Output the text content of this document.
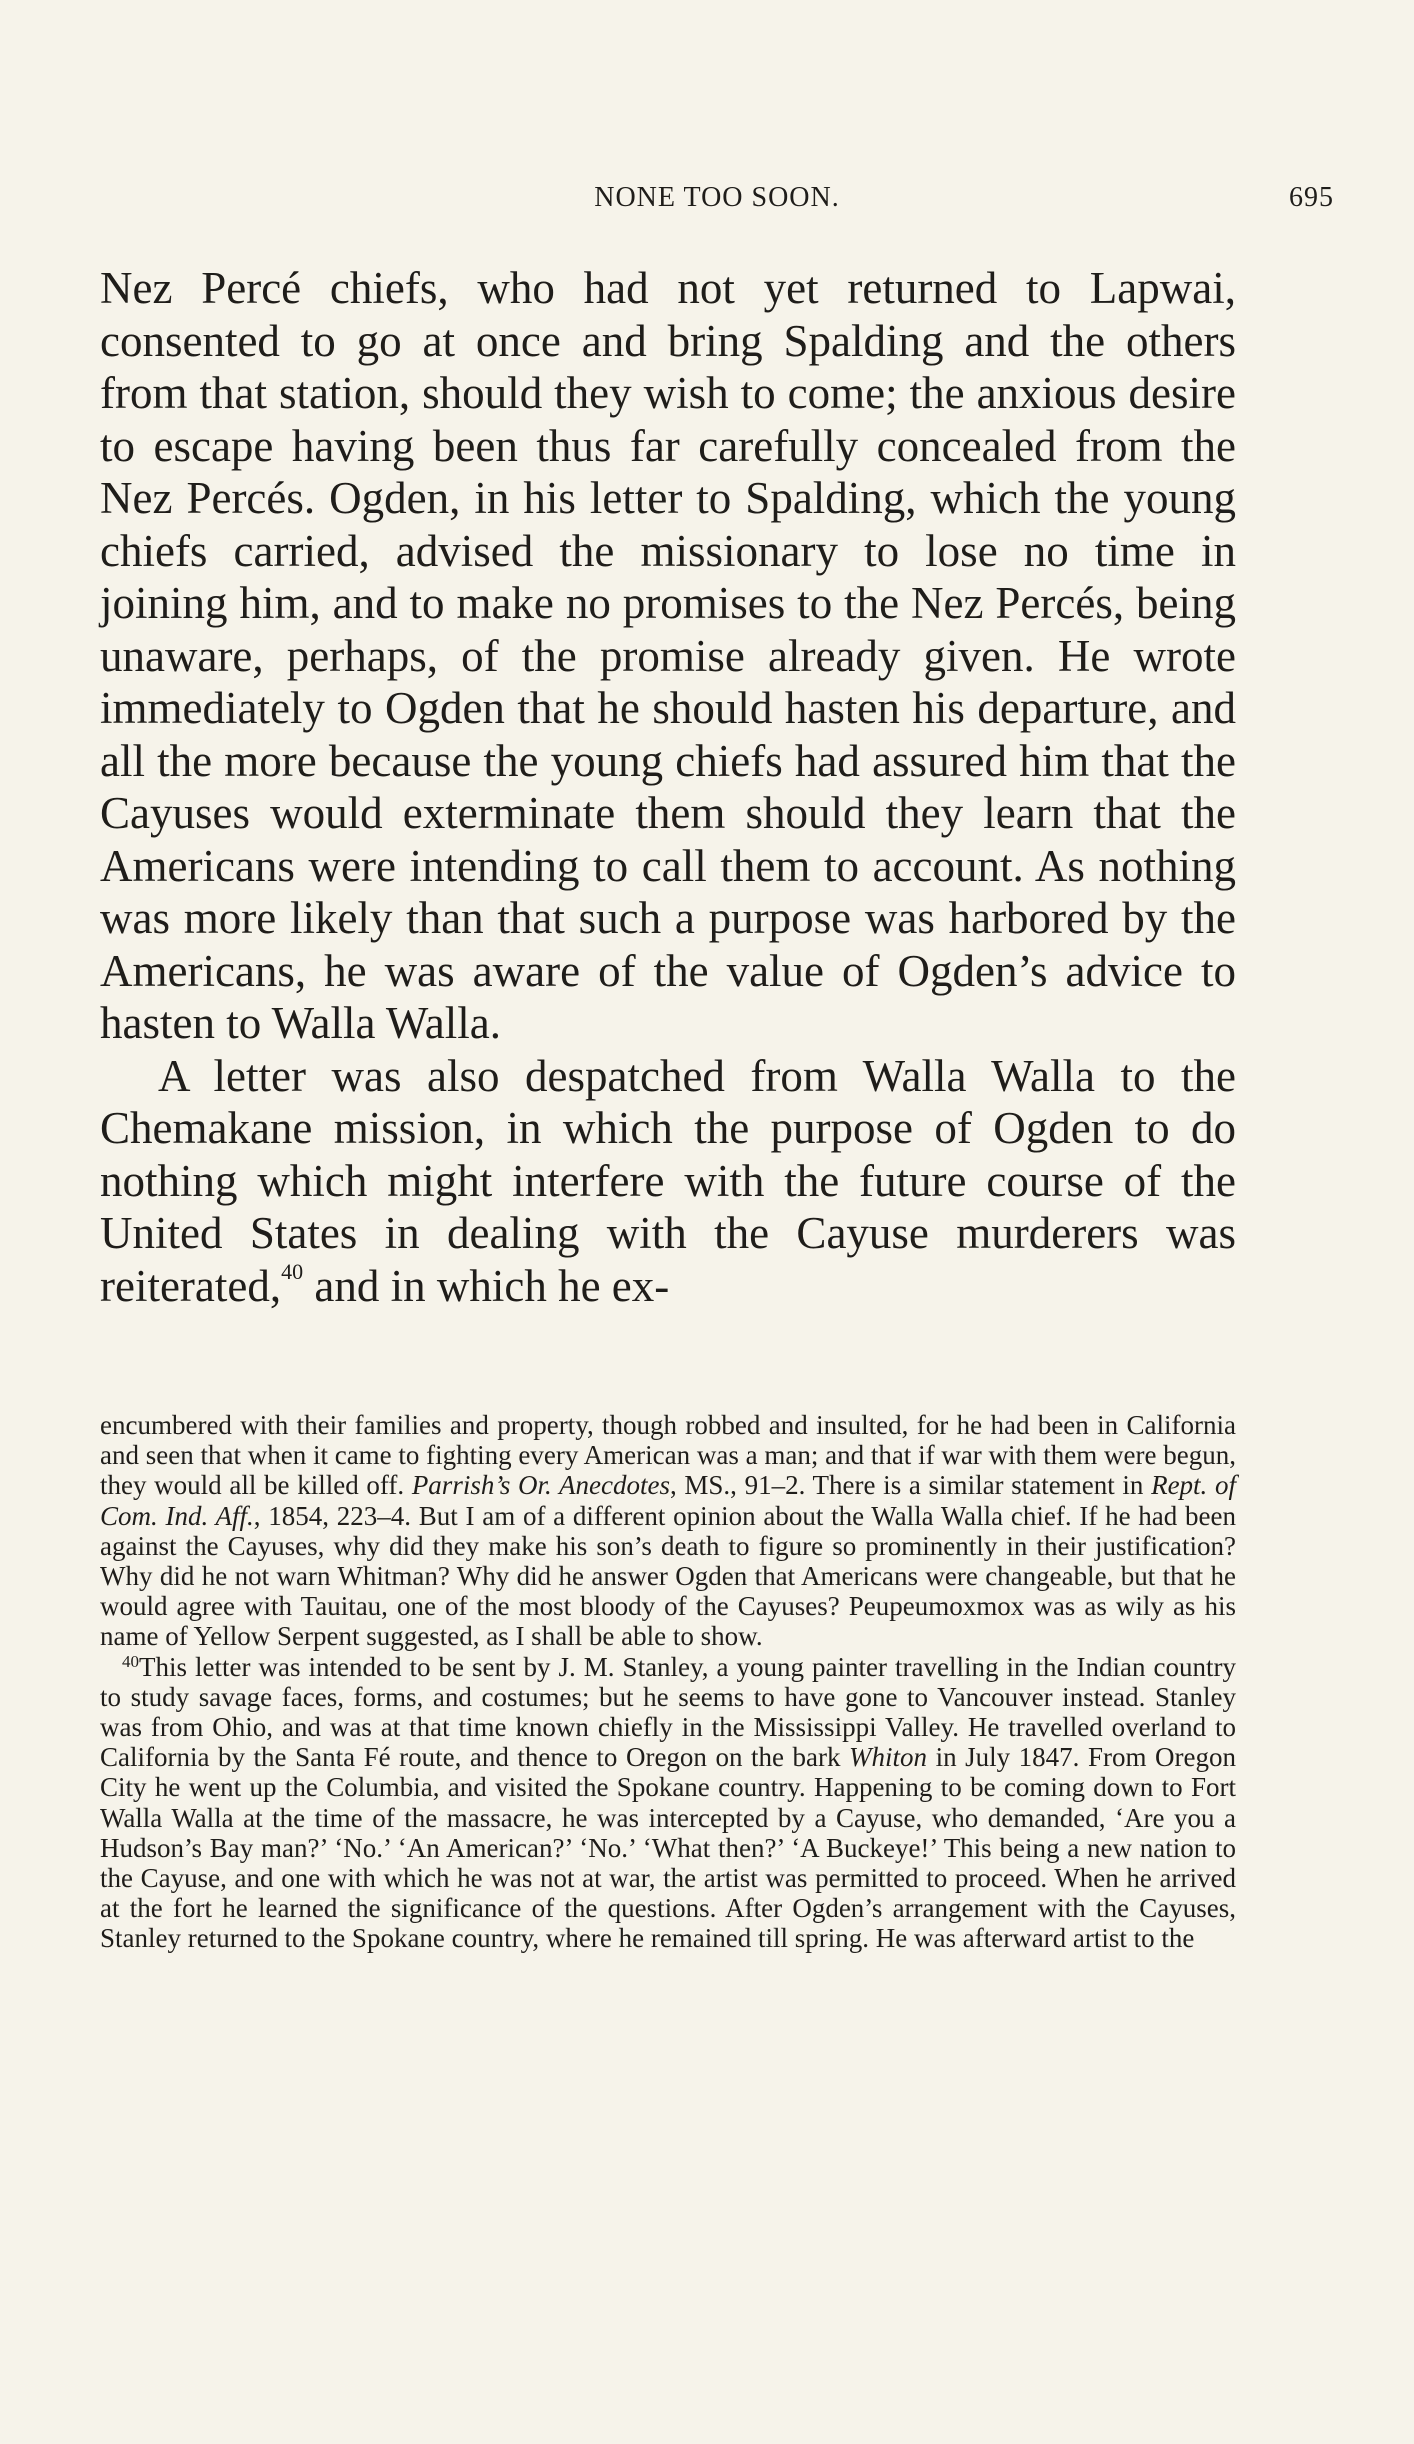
NONE TOO SOON.	695

Nez Percé chiefs, who had not yet returned to Lapwai, consented to go at once and bring Spalding and the others from that station, should they wish to come; the anxious desire to escape having been thus far carefully concealed from the Nez Percés. Ogden, in his letter to Spalding, which the young chiefs carried, advised the missionary to lose no time in joining him, and to make no promises to the Nez Percés, being unaware, perhaps, of the promise already given. He wrote immediately to Ogden that he should hasten his departure, and all the more because the young chiefs had assured him that the Cayuses would exterminate them should they learn that the Americans were intending to call them to account. As nothing was more likely than that such a purpose was harbored by the Americans, he was aware of the value of Ogden’s advice to hasten to Walla Walla.

A letter was also despatched from Walla Walla to the Chemakane mission, in which the purpose of Ogden to do nothing which might interfere with the future course of the United States in dealing with the Cayuse murderers was reiterated,$^{40}$ and in which he ex-

encumbered with their families and property, though robbed and insulted, for he had been in California and seen that when it came to fighting every American was a man; and that if war with them were begun, they would all be killed off. Parrish’s Or. Anecdotes, MS., 91–2. There is a similar statement in Rept. of Com. Ind. Aff., 1854, 223–4. But I am of a different opinion about the Walla Walla chief. If he had been against the Cayuses, why did they make his son’s death to figure so prominently in their justification? Why did he not warn Whitman? Why did he answer Ogden that Americans were changeable, but that he would agree with Tauitau, one of the most bloody of the Cayuses? Peupeumoxmox was as wily as his name of Yellow Serpent suggested, as I shall be able to show.

$^{40}$This letter was intended to be sent by J. M. Stanley, a young painter travelling in the Indian country to study savage faces, forms, and costumes; but he seems to have gone to Vancouver instead. Stanley was from Ohio, and was at that time known chiefly in the Mississippi Valley. He travelled overland to California by the Santa Fé route, and thence to Oregon on the bark Whiton in July 1847. From Oregon City he went up the Columbia, and visited the Spokane country. Happening to be coming down to Fort Walla Walla at the time of the massacre, he was intercepted by a Cayuse, who demanded, ‘Are you a Hudson’s Bay man?’ ‘No.’ ‘An American?’ ‘No.’ ‘What then?’ ‘A Buckeye!’ This being a new nation to the Cayuse, and one with which he was not at war, the artist was permitted to proceed. When he arrived at the fort he learned the significance of the questions. After Ogden’s arrangement with the Cayuses, Stanley returned to the Spokane country, where he remained till spring. He was afterward artist to the
